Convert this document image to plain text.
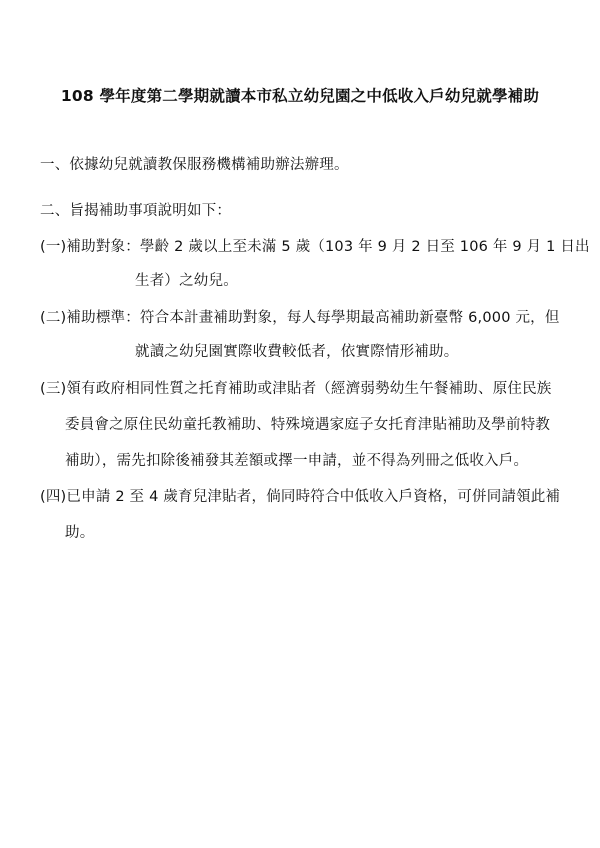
108 學年度第二學期就讀本市私立幼兒園之中低收入戶幼兒就學補助
一、依據幼兒就讀教保服務機構補助辦法辦理。
二、旨揭補助事項說明如下：
(一)補助對象：學齡 2 歲以上至未滿 5 歲（103 年 9 月 2 日至 106 年 9 月 1 日出
生者）之幼兒。
(二)補助標準：符合本計畫補助對象，每人每學期最高補助新臺幣 6,000 元，但
就讀之幼兒園實際收費較低者，依實際情形補助。
(三)領有政府相同性質之托育補助或津貼者（經濟弱勢幼生午餐補助、原住民族
委員會之原住民幼童托教補助、特殊境遇家庭子女托育津貼補助及學前特教
補助），需先扣除後補發其差額或擇一申請，並不得為列冊之低收入戶。
(四)已申請 2 至 4 歲育兒津貼者，倘同時符合中低收入戶資格，可併同請領此補
助。
